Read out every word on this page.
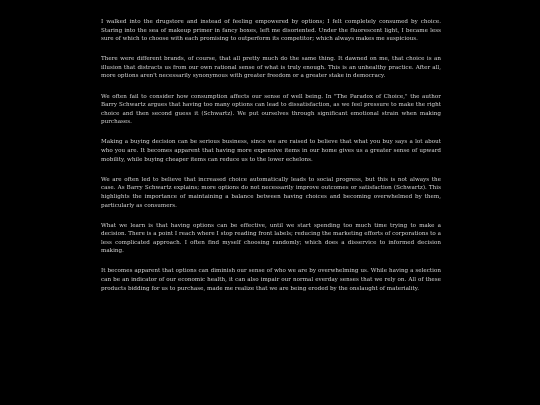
I walked into the drugstore and instead of feeling empowered by options; I felt completely consumed by choice. Staring into the sea of makeup primer in fancy boxes, left me disoriented. Under the fluorescent light, I became less sure of which to choose with each promising to outperform its competitor; which always makes me suspicious.

There were different brands, of course, that all pretty much do the same thing. It dawned on me, that choice is an illusion that distracts us from our own rational sense of what is truly enough. This is an unhealthy practice. After all, more options aren't necessarily synonymous with greater freedom or a greater stake in democracy.

We often fail to consider how consumption affects our sense of well being. In "The Paradox of Choice," the author Barry Schwartz argues that having too many options can lead to dissatisfaction, as we feel pressure to make the right choice and then second guess it (Schwartz). We put ourselves through significant emotional strain when making purchases.

Making a buying decision can be serious business, since we are raised to believe that what you buy says a lot about who you are. It becomes apparent that having more expensive items in our home gives us a greater sense of upward mobility, while buying cheaper items can reduce us to the lower echelons.

We are often led to believe that increased choice automatically leads to social progress, but this is not always the case. As Barry Schwartz explains; more options do not necessarily improve outcomes or satisfaction (Schwartz). This highlights the importance of maintaining a balance between having choices and becoming overwhelmed by them, particularly as consumers.

What we learn is that having options can be effective, until we start spending too much time trying to make a decision. There is a point I reach where I stop reading front labels; reducing the marketing efforts of corporations to a less complicated approach. I often find myself choosing randomly; which does a disservice to informed decision making.

It becomes apparent that options can diminish our sense of who we are by overwhelming us. While having a selection can be an indicator of our economic health, it can also impair our normal everday senses that we rely on. All of these products bidding for us to purchase, made me realize that we are being eroded by the onslaught of materiality.
